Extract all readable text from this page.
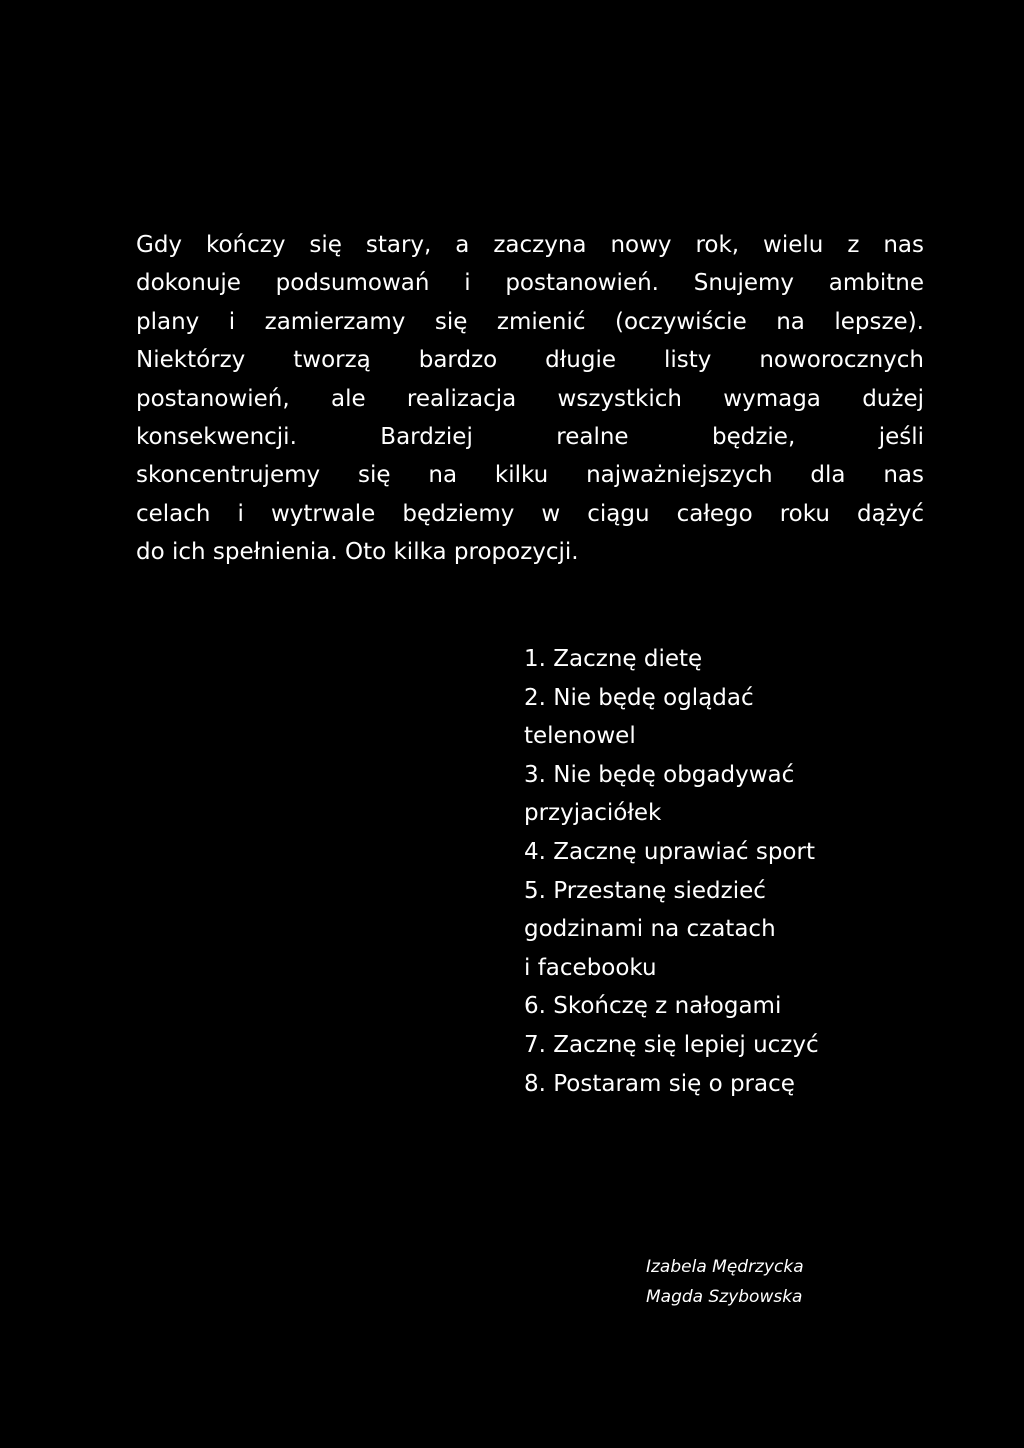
Gdy kończy się stary, a zaczyna nowy rok, wielu z nas
dokonuje podsumowań i postanowień. Snujemy ambitne
plany i zamierzamy się zmienić (oczywiście na lepsze).
Niektórzy tworzą bardzo długie listy noworocznych
postanowień, ale realizacja wszystkich wymaga dużej
konsekwencji. Bardziej realne będzie, jeśli
skoncentrujemy się na kilku najważniejszych dla nas
celach i wytrwale będziemy w ciągu całego roku dążyć
do ich spełnienia. Oto kilka propozycji.
1. Zacznę dietę
2. Nie będę oglądać
telenowel
3. Nie będę obgadywać
przyjaciółek
4. Zacznę uprawiać sport
5. Przestanę siedzieć
godzinami na czatach
i facebooku
6. Skończę z nałogami
7. Zacznę się lepiej uczyć
8. Postaram się o pracę
Izabela Mędrzycka
Magda Szybowska
